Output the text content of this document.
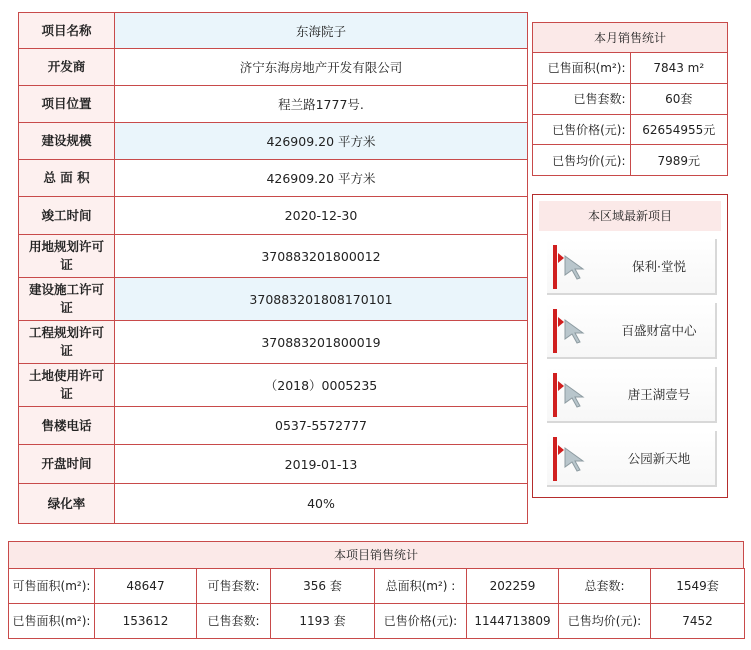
项目名称	东海院子
开发商	济宁东海房地产开发有限公司
项目位置	程兰路1777号.
建设规模	426909.20 平方米
总 面 积	426909.20 平方米
竣工时间	2020-12-30
用地规划许可证	370883201800012
建设施工许可证	370883201808170101
工程规划许可证	370883201800019
土地使用许可证	（2018）0005235
售楼电话	0537-5572777
开盘时间	2019-01-13
绿化率	40%
本月销售统计	
已售面积(m²):	7843 m²
已售套数:	60套
已售价格(元):	62654955元
已售均价(元):	7989元
本区域最新项目
保利·堂悦
百盛财富中心
唐王湖壹号
公园新天地
本项目销售统计
可售面积(m²):	48647	可售套数:	356 套	总面积(m²) :	202259	总套数:	1549套
已售面积(m²):	153612	已售套数:	1193 套	已售价格(元):	1144713809	已售均价(元):	7452
